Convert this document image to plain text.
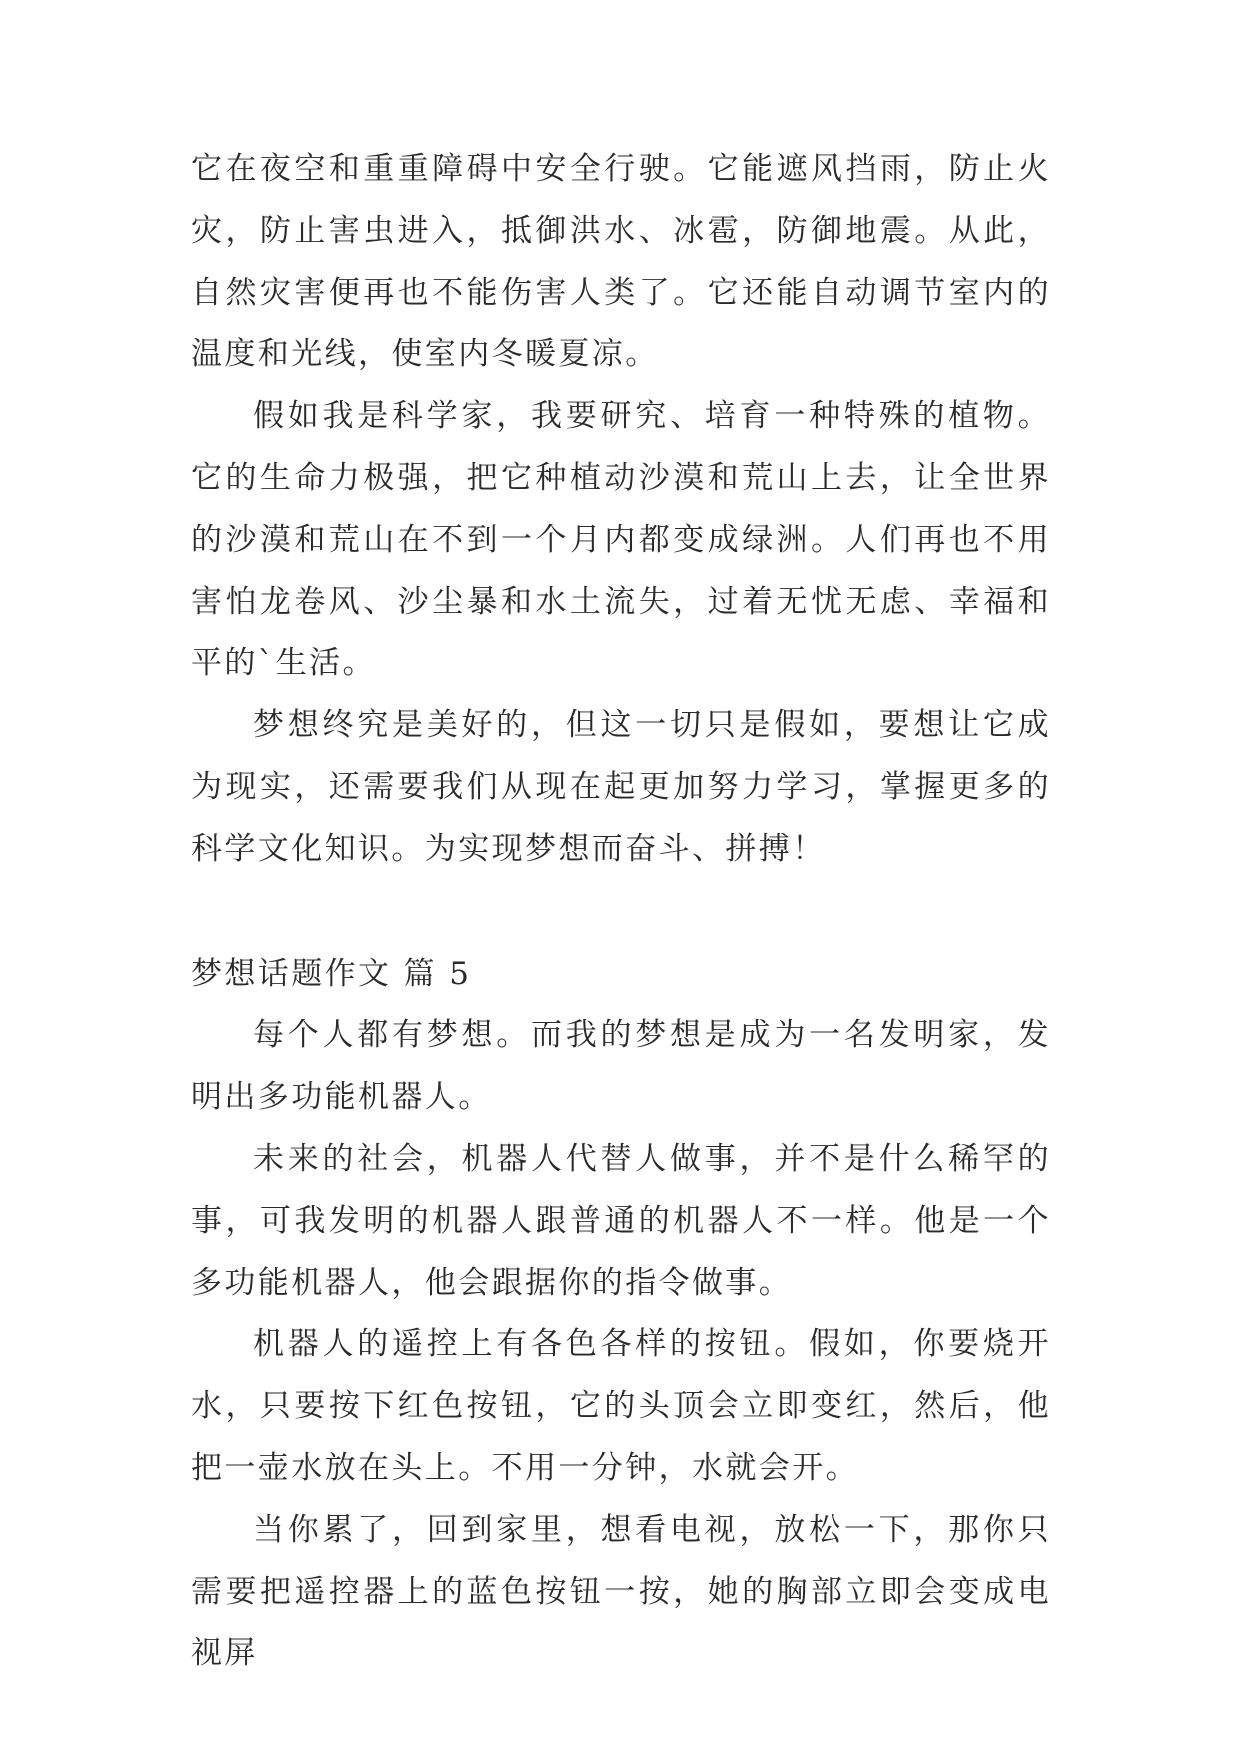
它在夜空和重重障碍中安全行驶。它能遮风挡雨，防止火灾，防止害虫进入，抵御洪水、冰雹，防御地震。从此，自然灾害便再也不能伤害人类了。它还能自动调节室内的温度和光线，使室内冬暖夏凉。

假如我是科学家，我要研究、培育一种特殊的植物。它的生命力极强，把它种植动沙漠和荒山上去，让全世界的沙漠和荒山在不到一个月内都变成绿洲。人们再也不用害怕龙卷风、沙尘暴和水土流失，过着无忧无虑、幸福和平的`生活。

梦想终究是美好的，但这一切只是假如，要想让它成为现实，还需要我们从现在起更加努力学习，掌握更多的科学文化知识。为实现梦想而奋斗、拼搏！

梦想话题作文 篇 5

每个人都有梦想。而我的梦想是成为一名发明家，发明出多功能机器人。

未来的社会，机器人代替人做事，并不是什么稀罕的事，可我发明的机器人跟普通的机器人不一样。他是一个多功能机器人，他会跟据你的指令做事。

机器人的遥控上有各色各样的按钮。假如，你要烧开水，只要按下红色按钮，它的头顶会立即变红，然后，他把一壶水放在头上。不用一分钟，水就会开。

当你累了，回到家里，想看电视，放松一下，那你只需要把遥控器上的蓝色按钮一按，她的胸部立即会变成电视屏
